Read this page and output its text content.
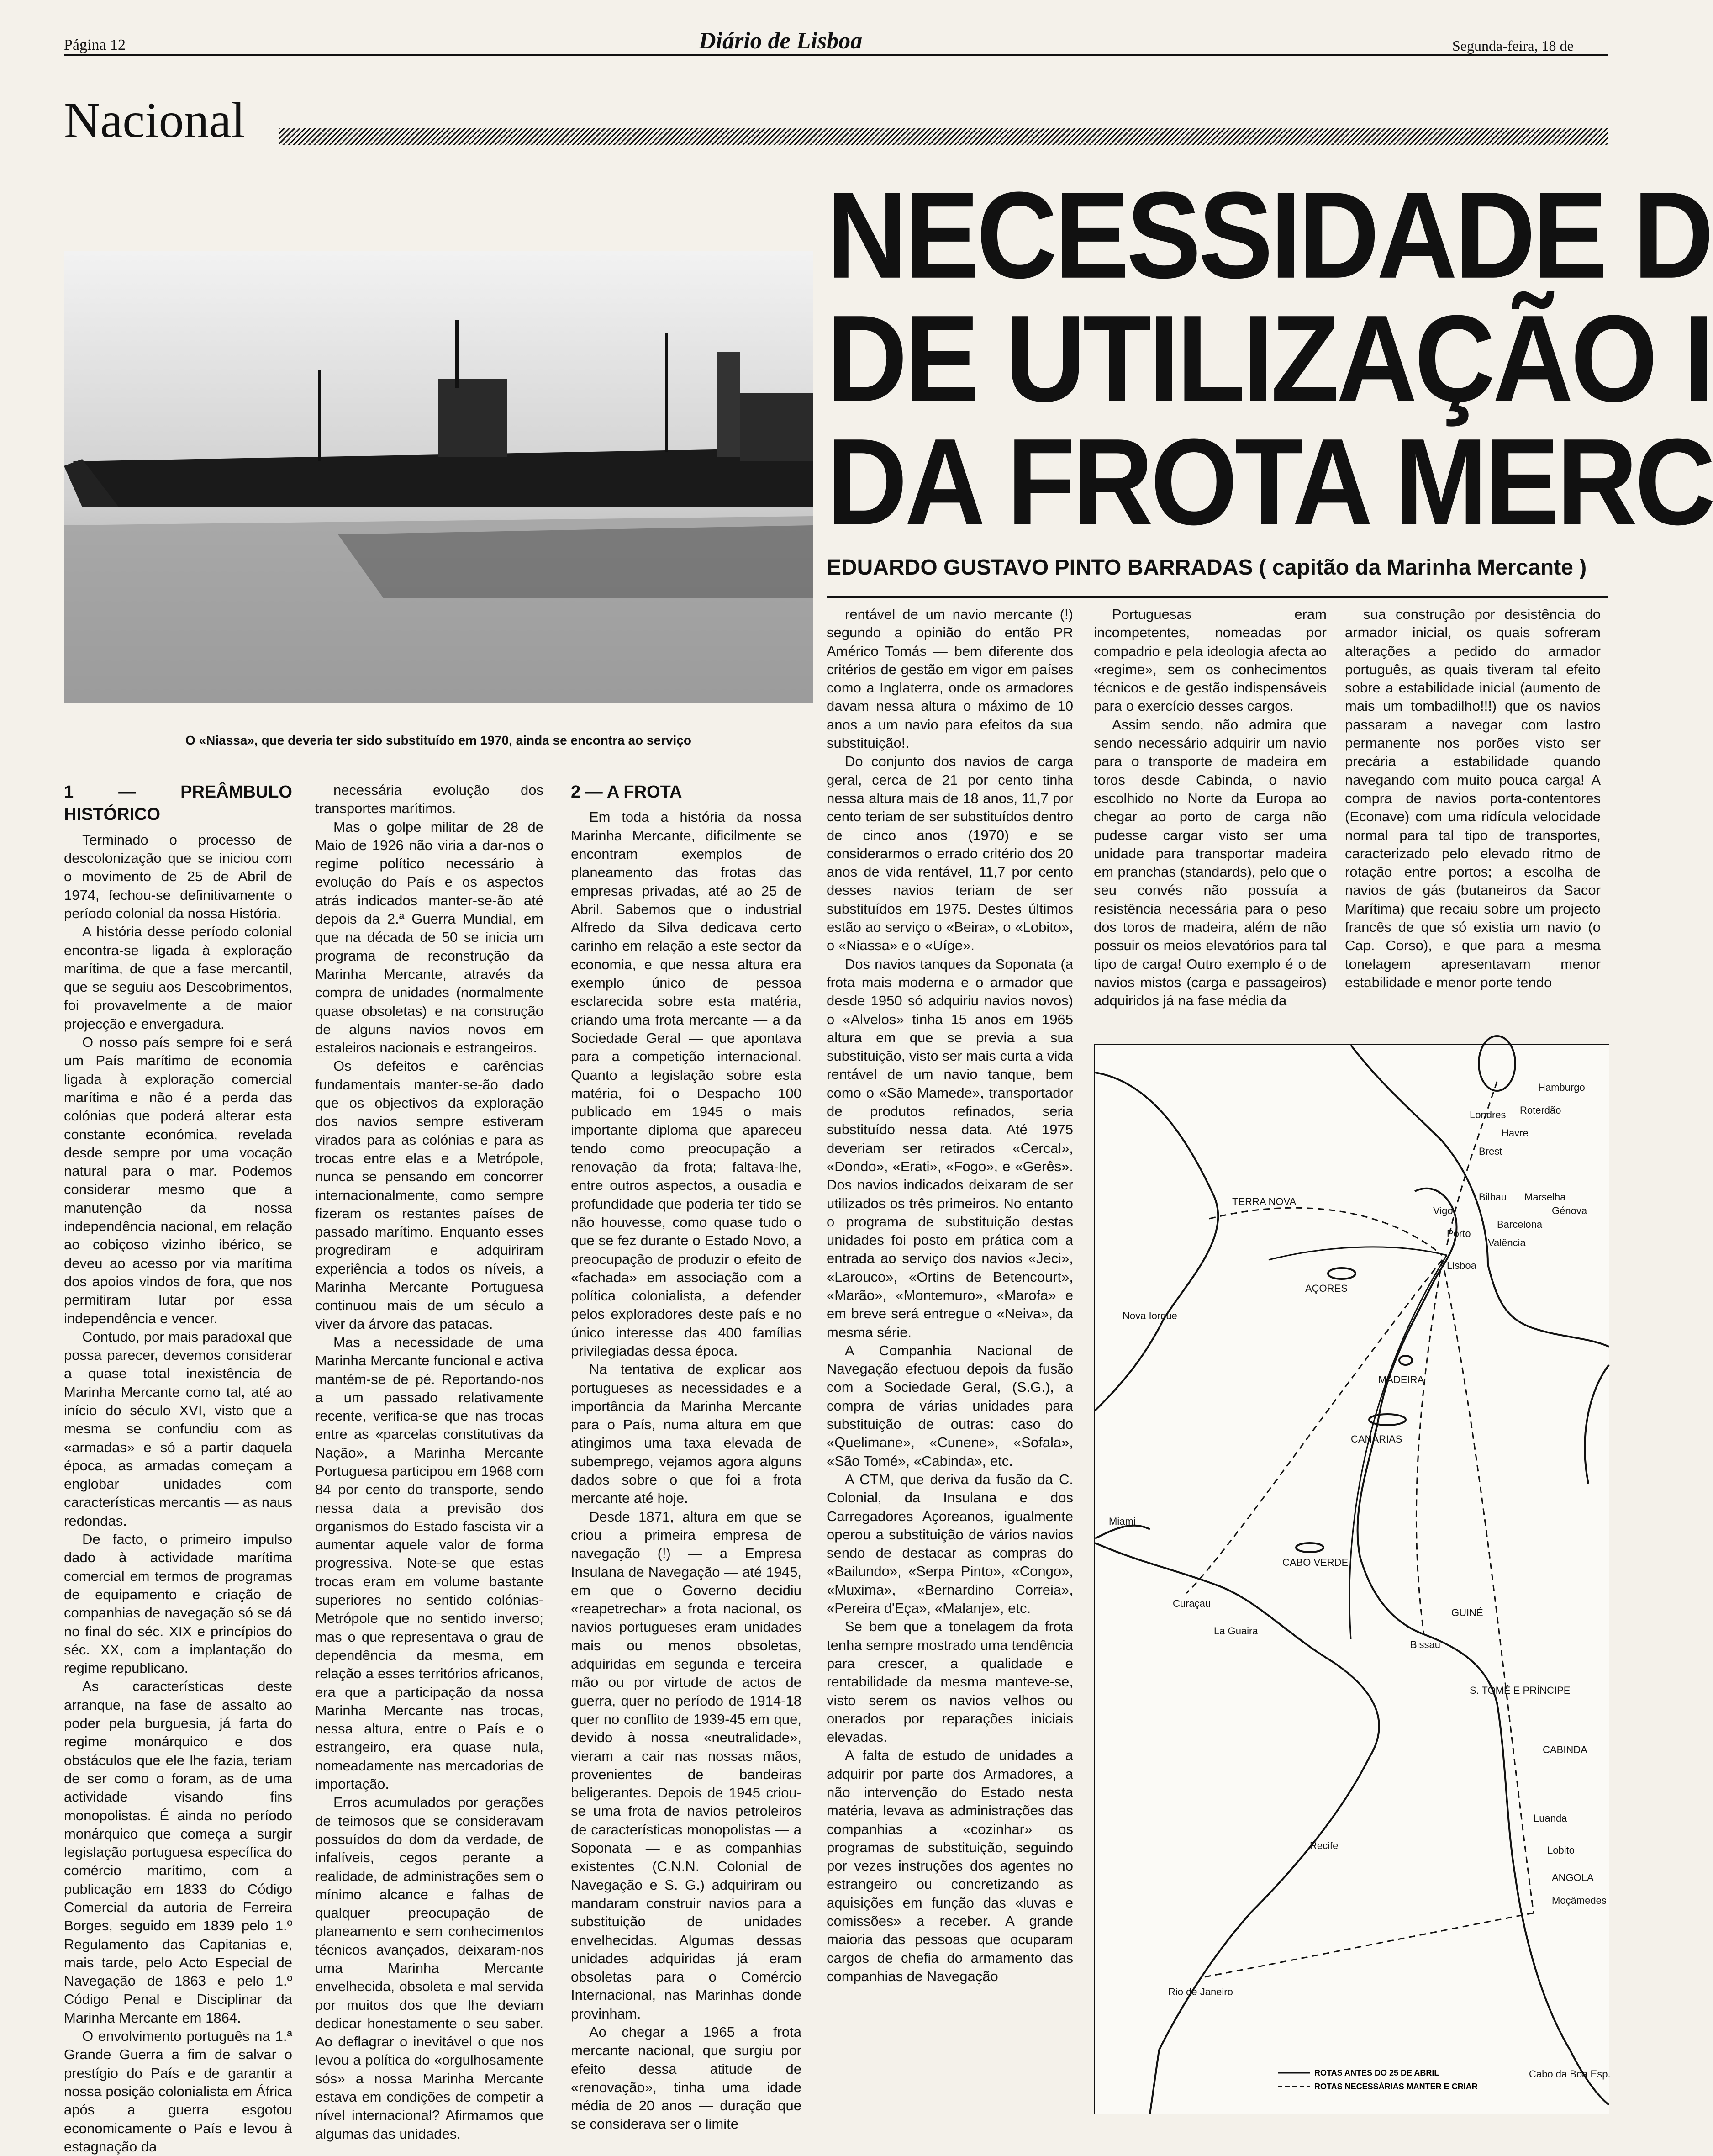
Página 12	Diário de Lisboa	Segunda-feira, 18 de
Nacional
NECESSIDADE D
DE UTILIZAÇÃO I
DA FROTA MERC
EDUARDO GUSTAVO PINTO BARRADAS ( capitão da Marinha Mercante )
O «Niassa», que deveria ter sido substituído em 1970, ainda se encontra ao serviço
1 — PREÂMBULO HISTÓRICO

Terminado o processo de descolonização que se iniciou com o movimento de 25 de Abril de 1974, fechou-se definitivamente o período colonial da nossa História.

A história desse período colonial encontra-se ligada à exploração marítima, de que a fase mercantil, que se seguiu aos Descobrimentos, foi provavelmente a de maior projecção e envergadura.

O nosso país sempre foi e será um País marítimo de economia ligada à exploração comercial marítima e não é a perda das colónias que poderá alterar esta constante económica, revelada desde sempre por uma vocação natural para o mar. Podemos considerar mesmo que a manutenção da nossa independência nacional, em relação ao cobiçoso vizinho ibérico, se deveu ao acesso por via marítima dos apoios vindos de fora, que nos permitiram lutar por essa independência e vencer.

Contudo, por mais paradoxal que possa parecer, devemos considerar a quase total inexistência de Marinha Mercante como tal, até ao início do século XVI, visto que a mesma se confundiu com as «armadas» e só a partir daquela época, as armadas começam a englobar unidades com características mercantis — as naus redondas.

De facto, o primeiro impulso dado à actividade marítima comercial em termos de programas de equipamento e criação de companhias de navegação só se dá no final do séc. XIX e princípios do séc. XX, com a implantação do regime republicano.

As características deste arranque, na fase de assalto ao poder pela burguesia, já farta do regime monárquico e dos obstáculos que ele lhe fazia, teriam de ser como o foram, as de uma actividade visando fins monopolistas. É ainda no período monárquico que começa a surgir legislação portuguesa específica do comércio marítimo, com a publicação em 1833 do Código Comercial da autoria de Ferreira Borges, seguido em 1839 pelo 1.º Regulamento das Capitanias e, mais tarde, pelo Acto Especial de Navegação de 1863 e pelo 1.º Código Penal e Disciplinar da Marinha Mercante em 1864.

O envolvimento português na 1.ª Grande Guerra a fim de salvar o prestígio do País e de garantir a nossa posição colonialista em África após a guerra esgotou economicamente o País e levou à estagnação da

necessária evolução dos transportes marítimos.

Mas o golpe militar de 28 de Maio de 1926 não viria a dar-nos o regime político necessário à evolução do País e os aspectos atrás indicados manter-se-ão até depois da 2.ª Guerra Mundial, em que na década de 50 se inicia um programa de reconstrução da Marinha Mercante, através da compra de unidades (normalmente quase obsoletas) e na construção de alguns navios novos em estaleiros nacionais e estrangeiros.

Os defeitos e carências fundamentais manter-se-ão dado que os objectivos da exploração dos navios sempre estiveram virados para as colónias e para as trocas entre elas e a Metrópole, nunca se pensando em concorrer internacionalmente, como sempre fizeram os restantes países de passado marítimo. Enquanto esses progrediram e adquiriram experiência a todos os níveis, a Marinha Mercante Portuguesa continuou mais de um século a viver da árvore das patacas.

Mas a necessidade de uma Marinha Mercante funcional e activa mantém-se de pé. Reportando-nos a um passado relativamente recente, verifica-se que nas trocas entre as «parcelas constitutivas da Nação», a Marinha Mercante Portuguesa participou em 1968 com 84 por cento do transporte, sendo nessa data a previsão dos organismos do Estado fascista vir a aumentar aquele valor de forma progressiva. Note-se que estas trocas eram em volume bastante superiores no sentido colónias-Metrópole que no sentido inverso; mas o que representava o grau de dependência da mesma, em relação a esses territórios africanos, era que a participação da nossa Marinha Mercante nas trocas, nessa altura, entre o País e o estrangeiro, era quase nula, nomeadamente nas mercadorias de importação.

Erros acumulados por gerações de teimosos que se consideravam possuídos do dom da verdade, de infalíveis, cegos perante a realidade, de administrações sem o mínimo alcance e falhas de qualquer preocupação de planeamento e sem conhecimentos técnicos avançados, deixaram-nos uma Marinha Mercante envelhecida, obsoleta e mal servida por muitos dos que lhe deviam dedicar honestamente o seu saber. Ao deflagrar o inevitável o que nos levou a política do «orgulhosamente sós» a nossa Marinha Mercante estava em condições de competir a nível internacional? Afirmamos que algumas das unidades.

2 — A FROTA

Em toda a história da nossa Marinha Mercante, dificilmente se encontram exemplos de planeamento das frotas das empresas privadas, até ao 25 de Abril. Sabemos que o industrial Alfredo da Silva dedicava certo carinho em relação a este sector da economia, e que nessa altura era exemplo único de pessoa esclarecida sobre esta matéria, criando uma frota mercante — a da Sociedade Geral — que apontava para a competição internacional. Quanto a legislação sobre esta matéria, foi o Despacho 100 publicado em 1945 o mais importante diploma que apareceu tendo como preocupação a renovação da frota; faltava-lhe, entre outros aspectos, a ousadia e profundidade que poderia ter tido se não houvesse, como quase tudo o que se fez durante o Estado Novo, a preocupação de produzir o efeito de «fachada» em associação com a política colonialista, a defender pelos exploradores deste país e no único interesse das 400 famílias privilegiadas dessa época.

Na tentativa de explicar aos portugueses as necessidades e a importância da Marinha Mercante para o País, numa altura em que atingimos uma taxa elevada de subemprego, vejamos agora alguns dados sobre o que foi a frota mercante até hoje.

Desde 1871, altura em que se criou a primeira empresa de navegação (!) — a Empresa Insulana de Navegação — até 1945, em que o Governo decidiu «reapetrechar» a frota nacional, os navios portugueses eram unidades mais ou menos obsoletas, adquiridas em segunda e terceira mão ou por virtude de actos de guerra, quer no período de 1914-18 quer no conflito de 1939-45 em que, devido à nossa «neutralidade», vieram a cair nas nossas mãos, provenientes de bandeiras beligerantes. Depois de 1945 criou-se uma frota de navios petroleiros de características monopolistas — a Soponata — e as companhias existentes (C.N.N. Colonial de Navegação e S. G.) adquiriram ou mandaram construir navios para a substituição de unidades envelhecidas. Algumas dessas unidades adquiridas já eram obsoletas para o Comércio Internacional, nas Marinhas donde provinham.

Ao chegar a 1965 a frota mercante nacional, que surgiu por efeito dessa atitude de «renovação», tinha uma idade média de 20 anos — duração que se considerava ser o limite

rentável de um navio mercante (!) segundo a opinião do então PR Américo Tomás — bem diferente dos critérios de gestão em vigor em países como a Inglaterra, onde os armadores davam nessa altura o máximo de 10 anos a um navio para efeitos da sua substituição!.

Do conjunto dos navios de carga geral, cerca de 21 por cento tinha nessa altura mais de 18 anos, 11,7 por cento teriam de ser substituídos dentro de cinco anos (1970) e se considerarmos o errado critério dos 20 anos de vida rentável, 11,7 por cento desses navios teriam de ser substituídos em 1975. Destes últimos estão ao serviço o «Beira», o «Lobito», o «Niassa» e o «Uíge».

Dos navios tanques da Soponata (a frota mais moderna e o armador que desde 1950 só adquiriu navios novos) o «Alvelos» tinha 15 anos em 1965 altura em que se previa a sua substituição, visto ser mais curta a vida rentável de um navio tanque, bem como o «São Mamede», transportador de produtos refinados, seria substituído nessa data. Até 1975 deveriam ser retirados «Cercal», «Dondo», «Erati», «Fogo», e «Gerês». Dos navios indicados deixaram de ser utilizados os três primeiros. No entanto o programa de substituição destas unidades foi posto em prática com a entrada ao serviço dos navios «Jeci», «Larouco», «Ortins de Betencourt», «Marão», «Montemuro», «Marofa» e em breve será entregue o «Neiva», da mesma série.

A Companhia Nacional de Navegação efectuou depois da fusão com a Sociedade Geral, (S.G.), a compra de várias unidades para substituição de outras: caso do «Quelimane», «Cunene», «Sofala», «São Tomé», «Cabinda», etc.

A CTM, que deriva da fusão da C. Colonial, da Insulana e dos Carregadores Açoreanos, igualmente operou a substituição de vários navios sendo de destacar as compras do «Bailundo», «Serpa Pinto», «Congo», «Muxima», «Bernardino Correia», «Pereira d'Eça», «Malanje», etc.

Se bem que a tonelagem da frota tenha sempre mostrado uma tendência para crescer, a qualidade e rentabilidade da mesma manteve-se, visto serem os navios velhos ou onerados por reparações iniciais elevadas.

A falta de estudo de unidades a adquirir por parte dos Armadores, a não intervenção do Estado nesta matéria, levava as administrações das companhias a «cozinhar» os programas de substituição, seguindo por vezes instruções dos agentes no estrangeiro ou concretizando as aquisições em função das «luvas e comissões» a receber. A grande maioria das pessoas que ocuparam cargos de chefia do armamento das companhias de Navegação

Portuguesas eram incompetentes, nomeadas por compadrio e pela ideologia afecta ao «regime», sem os conhecimentos técnicos e de gestão indispensáveis para o exercício desses cargos.

Assim sendo, não admira que sendo necessário adquirir um navio para o transporte de madeira em toros desde Cabinda, o navio escolhido no Norte da Europa ao chegar ao porto de carga não pudesse cargar visto ser uma unidade para transportar madeira em pranchas (standards), pelo que o seu convés não possuía a resistência necessária para o peso dos toros de madeira, além de não possuir os meios elevatórios para tal tipo de carga! Outro exemplo é o de navios mistos (carga e passageiros) adquiridos já na fase média da

sua construção por desistência do armador inicial, os quais sofreram alterações a pedido do armador português, as quais tiveram tal efeito sobre a estabilidade inicial (aumento de mais um tombadilho!!!) que os navios passaram a navegar com lastro permanente nos porões visto ser precária a estabilidade quando navegando com muito pouca carga! A compra de navios porta-contentores (Econave) com uma ridícula velocidade normal para tal tipo de transportes, caracterizado pelo elevado ritmo de rotação entre portos; a escolha de navios de gás (butaneiros da Sacor Marítima) que recaiu sobre um projecto francês de que só existia um navio (o Cap. Corso), e que para a mesma tonelagem apresentavam menor estabilidade e menor porte tendo

TERRA NOVA
Nova Iorque
AÇORES
MADEIRA
CANÁRIAS
CABO VERDE
GUINÉ
Bissau
S. TOMÉ E PRÍNCIPE
CABINDA
Luanda
Lobito
ANGOLA
Moçâmedes
Recife
Rio de Janeiro
Curaçau
La Guaira
Miami
Lisboa
Porto
Vigo
Bilbau
Barcelona
Valência
Marselha
Génova
Londres Roterdão
Hamburgo
Havre
Brest
Cabo da Boa Esp.
ROTAS ANTES DO 25 DE ABRIL
ROTAS NECESSÁRIAS MANTER E CRIAR
